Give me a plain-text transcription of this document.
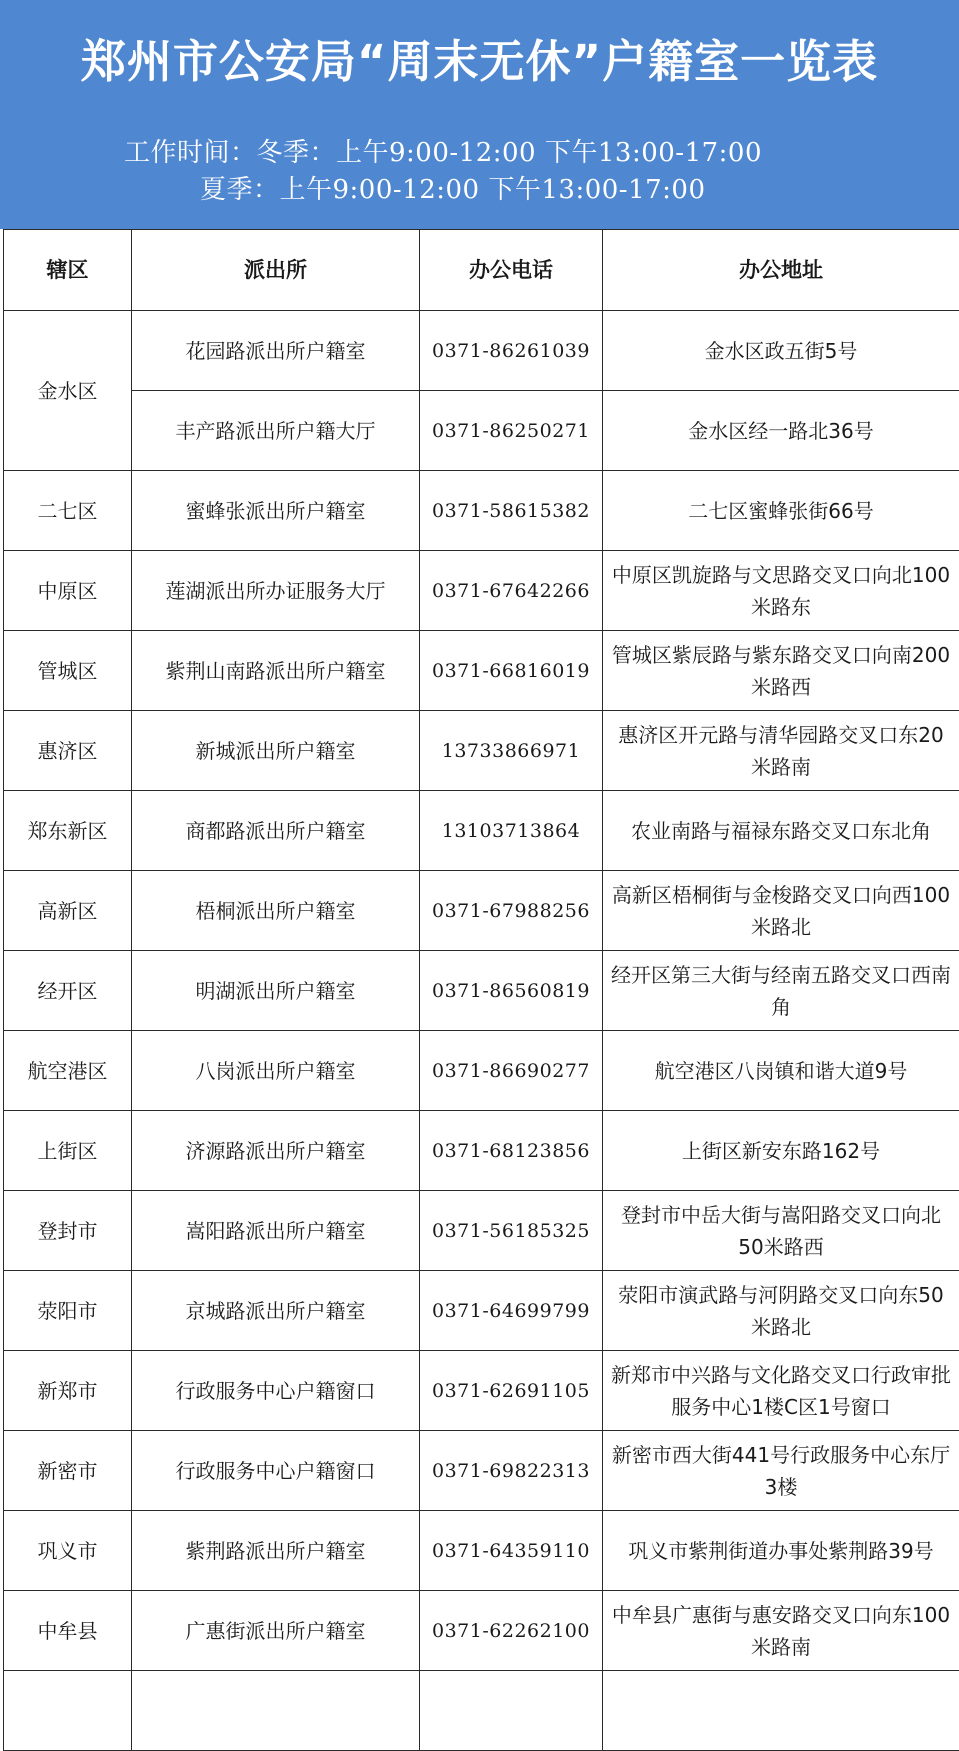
郑州市公安局“周末无休”户籍室一览表
工作时间：冬季：上午9:00-12:00 下午13:00-17:00
夏季：上午9:00-12:00 下午13:00-17:00
辖区	派出所	办公电话	办公地址
金水区	花园路派出所户籍室	0371-86261039	金水区政五街5号
	丰产路派出所户籍大厅	0371-86250271	金水区经一路北36号
二七区	蜜蜂张派出所户籍室	0371-58615382	二七区蜜蜂张街66号
中原区	莲湖派出所办证服务大厅	0371-67642266	中原区凯旋路与文思路交叉口向北100米路东
管城区	紫荆山南路派出所户籍室	0371-66816019	管城区紫辰路与紫东路交叉口向南200米路西
惠济区	新城派出所户籍室	13733866971	惠济区开元路与清华园路交叉口东20米路南
郑东新区	商都路派出所户籍室	13103713864	农业南路与福禄东路交叉口东北角
高新区	梧桐派出所户籍室	0371-67988256	高新区梧桐街与金梭路交叉口向西100米路北
经开区	明湖派出所户籍室	0371-86560819	经开区第三大街与经南五路交叉口西南角
航空港区	八岗派出所户籍室	0371-86690277	航空港区八岗镇和谐大道9号
上街区	济源路派出所户籍室	0371-68123856	上街区新安东路162号
登封市	嵩阳路派出所户籍室	0371-56185325	登封市中岳大街与嵩阳路交叉口向北50米路西
荥阳市	京城路派出所户籍室	0371-64699799	荥阳市演武路与河阴路交叉口向东50米路北
新郑市	行政服务中心户籍窗口	0371-62691105	新郑市中兴路与文化路交叉口行政审批服务中心1楼C区1号窗口
新密市	行政服务中心户籍窗口	0371-69822313	新密市西大街441号行政服务中心东厅3楼
巩义市	紫荆路派出所户籍室	0371-64359110	巩义市紫荆街道办事处紫荆路39号
中牟县	广惠街派出所户籍室	0371-62262100	中牟县广惠街与惠安路交叉口向东100米路南
